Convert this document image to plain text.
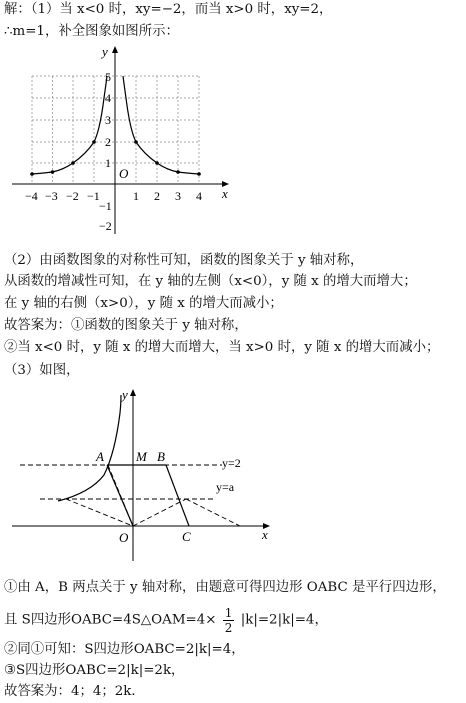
解：（1）当 x<0 时，xy=−2，而当 x>0 时，xy=2，
∴m=1，补全图象如图所示：
−4 −3 −2 −1	1 2 3 4
5
4
3
2
1
−1
−2
O
x
y
（2）由函数图象的对称性可知，函数的图象关于 y 轴对称，
从函数的增减性可知，在 y 轴的左侧（x<0），y 随 x 的增大而增大；
在 y 轴的右侧（x>0），y 随 x 的增大而减小；
故答案为：①函数的图象关于 y 轴对称，
②当 x<0 时，y 随 x 的增大而增大，当 x>0 时，y 随 x 的增大而减小；
（3）如图，
A M B
C
O	x
y
y=2
y=a
①由 A，B 两点关于 y 轴对称，由题意可得四边形 OABC 是平行四边形，
且 S四边形OABC=4S△OAM=4× $\frac{1}{2} |k|=2|k|=4$，
②同①可知：S四边形OABC=2|k|=4，
③S四边形OABC=2|k|=2k，
故答案为：4；4；2k．
